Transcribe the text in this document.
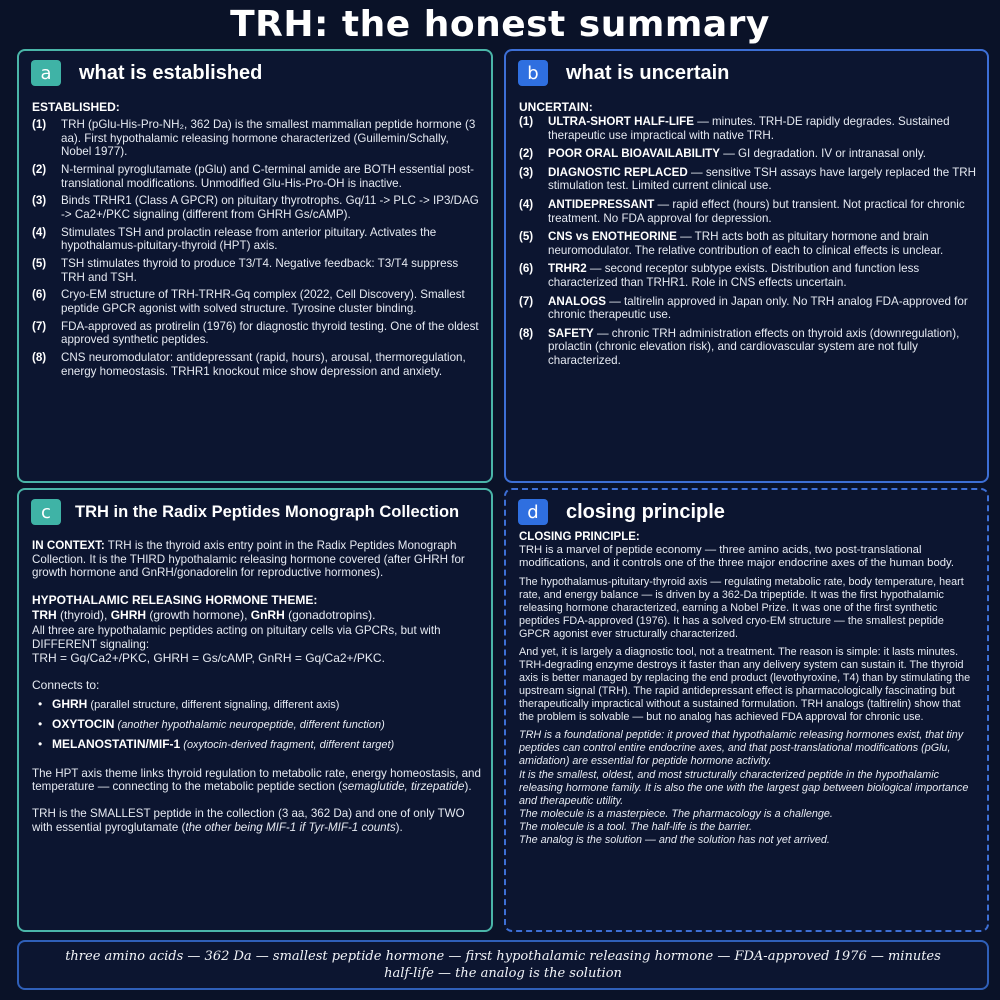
TRH: the honest summary
a	what is established
ESTABLISHED:
(1)	TRH (pGlu-His-Pro-NH₂, 362 Da) is the smallest mammalian peptide hormone (3 aa). First hypothalamic releasing hormone characterized (Guillemin/Schally, Nobel 1977).
(2)	N-terminal pyroglutamate (pGlu) and C-terminal amide are BOTH essential post-translational modifications. Unmodified Glu-His-Pro-OH is inactive.
(3)	Binds TRHR1 (Class A GPCR) on pituitary thyrotrophs. Gq/11 -> PLC -> IP3/DAG -> Ca2+/PKC signaling (different from GHRH Gs/cAMP).
(4)	Stimulates TSH and prolactin release from anterior pituitary. Activates the hypothalamus-pituitary-thyroid (HPT) axis.
(5)	TSH stimulates thyroid to produce T3/T4. Negative feedback: T3/T4 suppress TRH and TSH.
(6)	Cryo-EM structure of TRH-TRHR-Gq complex (2022, Cell Discovery). Smallest peptide GPCR agonist with solved structure. Tyrosine cluster binding.
(7)	FDA-approved as protirelin (1976) for diagnostic thyroid testing. One of the oldest approved synthetic peptides.
(8)	CNS neuromodulator: antidepressant (rapid, hours), arousal, thermoregulation, energy homeostasis. TRHR1 knockout mice show depression and anxiety.
b	what is uncertain
UNCERTAIN:
(1)	ULTRA-SHORT HALF-LIFE — minutes. TRH-DE rapidly degrades. Sustained therapeutic use impractical with native TRH.
(2)	POOR ORAL BIOAVAILABILITY — GI degradation. IV or intranasal only.
(3)	DIAGNOSTIC REPLACED — sensitive TSH assays have largely replaced the TRH stimulation test. Limited current clinical use.
(4)	ANTIDEPRESSANT — rapid effect (hours) but transient. Not practical for chronic treatment. No FDA approval for depression.
(5)	CNS vs ENOTHEORINE — TRH acts both as pituitary hormone and brain neuromodulator. The relative contribution of each to clinical effects is unclear.
(6)	TRHR2 — second receptor subtype exists. Distribution and function less characterized than TRHR1. Role in CNS effects uncertain.
(7)	ANALOGS — taltirelin approved in Japan only. No TRH analog FDA-approved for chronic therapeutic use.
(8)	SAFETY — chronic TRH administration effects on thyroid axis (downregulation), prolactin (chronic elevation risk), and cardiovascular system are not fully characterized.
c	TRH in the Radix Peptides Monograph Collection
IN CONTEXT: TRH is the thyroid axis entry point in the Radix Peptides Monograph Collection. It is the THIRD hypothalamic releasing hormone covered (after GHRH for growth hormone and GnRH/gonadorelin for reproductive hormones).
HYPOTHALAMIC RELEASING HORMONE THEME:
TRH (thyroid), GHRH (growth hormone), GnRH (gonadotropins).
All three are hypothalamic peptides acting on pituitary cells via GPCRs, but with DIFFERENT signaling:
TRH = Gq/Ca2+/PKC, GHRH = Gs/cAMP, GnRH = Gq/Ca2+/PKC.
Connects to:
• GHRH (parallel structure, different signaling, different axis)
• OXYTOCIN (another hypothalamic neuropeptide, different function)
• MELANOSTATIN/MIF-1 (oxytocin-derived fragment, different target)
The HPT axis theme links thyroid regulation to metabolic rate, energy homeostasis, and temperature — connecting to the metabolic peptide section (semaglutide, tirzepatide).
TRH is the SMALLEST peptide in the collection (3 aa, 362 Da) and one of only TWO with essential pyroglutamate (the other being MIF-1 if Tyr-MIF-1 counts).
d	closing principle
CLOSING PRINCIPLE:
TRH is a marvel of peptide economy — three amino acids, two post-translational modifications, and it controls one of the three major endocrine axes of the human body.
The hypothalamus-pituitary-thyroid axis — regulating metabolic rate, body temperature, heart rate, and energy balance — is driven by a 362-Da tripeptide. It was the first hypothalamic releasing hormone characterized, earning a Nobel Prize. It was one of the first synthetic peptides FDA-approved (1976). It has a solved cryo-EM structure — the smallest peptide GPCR agonist ever structurally characterized.
And yet, it is largely a diagnostic tool, not a treatment. The reason is simple: it lasts minutes. TRH-degrading enzyme destroys it faster than any delivery system can sustain it. The thyroid axis is better managed by replacing the end product (levothyroxine, T4) than by stimulating the upstream signal (TRH). The rapid antidepressant effect is pharmacologically fascinating but therapeutically impractical without a sustained formulation. TRH analogs (taltirelin) show that the problem is solvable — but no analog has achieved FDA approval for chronic use.
TRH is a foundational peptide: it proved that hypothalamic releasing hormones exist, that tiny peptides can control entire endocrine axes, and that post-translational modifications (pGlu, amidation) are essential for peptide hormone activity.
It is the smallest, oldest, and most structurally characterized peptide in the hypothalamic releasing hormone family. It is also the one with the largest gap between biological importance and therapeutic utility.
The molecule is a masterpiece. The pharmacology is a challenge.
The molecule is a tool. The half-life is the barrier.
The analog is the solution — and the solution has not yet arrived.
three amino acids — 362 Da — smallest peptide hormone — first hypothalamic releasing hormone — FDA-approved 1976 — minutes half-life — the analog is the solution
